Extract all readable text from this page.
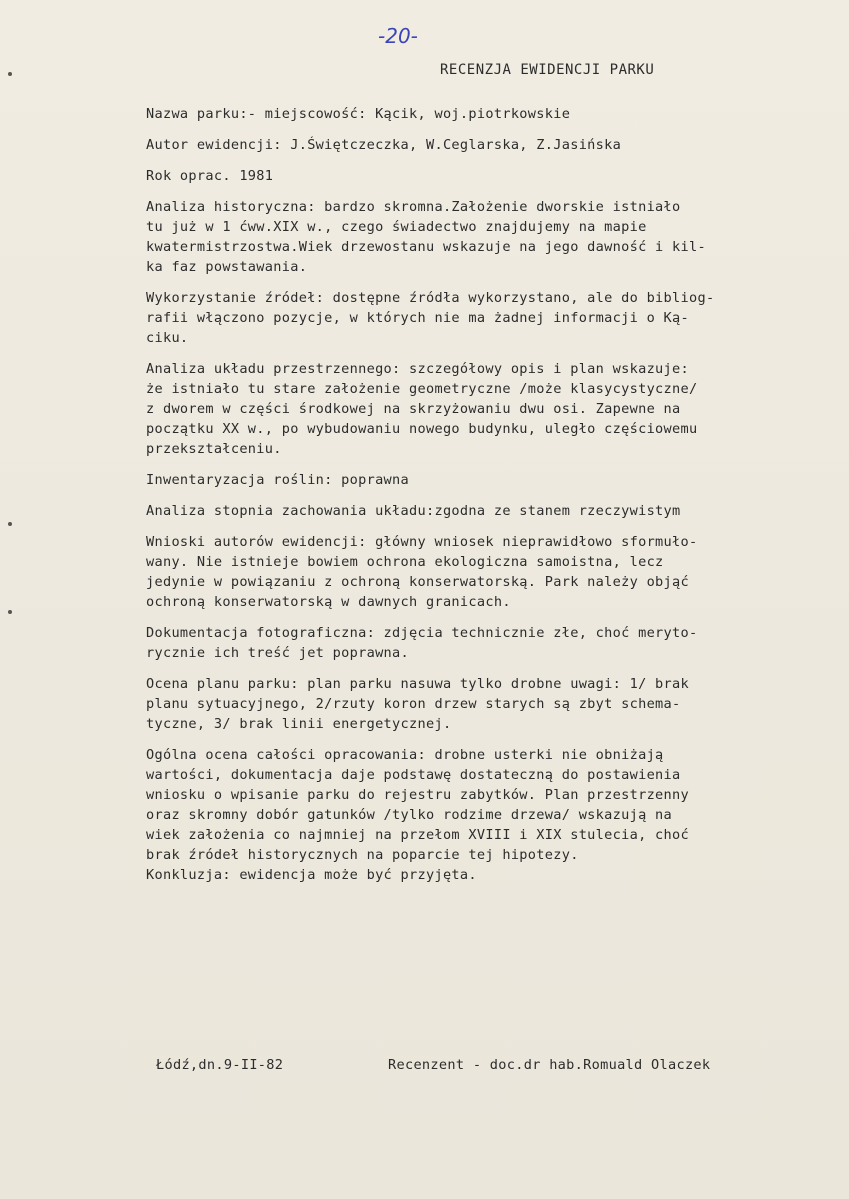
-20-
RECENZJA EWIDENCJI PARKU
Nazwa parku:- miejscowość: Kącik, woj.piotrkowskie
Autor ewidencji: J.Świętczeczka, W.Ceglarska, Z.Jasińska
Rok oprac. 1981
Analiza historyczna: bardzo skromna.Założenie dworskie istniało
tu już w 1 ćww.XIX w., czego świadectwo znajdujemy na mapie
kwatermistrzostwa.Wiek drzewostanu wskazuje na jego dawność i kil-
ka faz powstawania.
Wykorzystanie źródeł: dostępne źródła wykorzystano, ale do bibliog-
rafii włączono pozycje, w których nie ma żadnej informacji o Ką-
ciku.
Analiza układu przestrzennego: szczegółowy opis i plan wskazuje:
że istniało tu stare założenie geometryczne /może klasycystyczne/
z dworem w części środkowej na skrzyżowaniu dwu osi. Zapewne na
początku XX w., po wybudowaniu nowego budynku, uległo częściowemu
przekształceniu.
Inwentaryzacja roślin: poprawna
Analiza stopnia zachowania układu:zgodna ze stanem rzeczywistym
Wnioski autorów ewidencji: główny wniosek nieprawidłowo sformuło-
wany. Nie istnieje bowiem ochrona ekologiczna samoistna, lecz
jedynie w powiązaniu z ochroną konserwatorską. Park należy objąć
ochroną konserwatorską w dawnych granicach.
Dokumentacja fotograficzna: zdjęcia technicznie złe, choć meryto-
rycznie ich treść jet poprawna.
Ocena planu parku: plan parku nasuwa tylko drobne uwagi: 1/ brak
planu sytuacyjnego, 2/rzuty koron drzew starych są zbyt schema-
tyczne, 3/ brak linii energetycznej.
Ogólna ocena całości opracowania: drobne usterki nie obniżają
wartości, dokumentacja daje podstawę dostateczną do postawienia
wniosku o wpisanie parku do rejestru zabytków. Plan przestrzenny
oraz skromny dobór gatunków /tylko rodzime drzewa/ wskazują na
wiek założenia co najmniej na przełom XVIII i XIX stulecia, choć
brak źródeł historycznych na poparcie tej hipotezy.
Konkluzja: ewidencja może być przyjęta.
Łódź,dn.9-II-82	Recenzent - doc.dr hab.Romuald Olaczek
